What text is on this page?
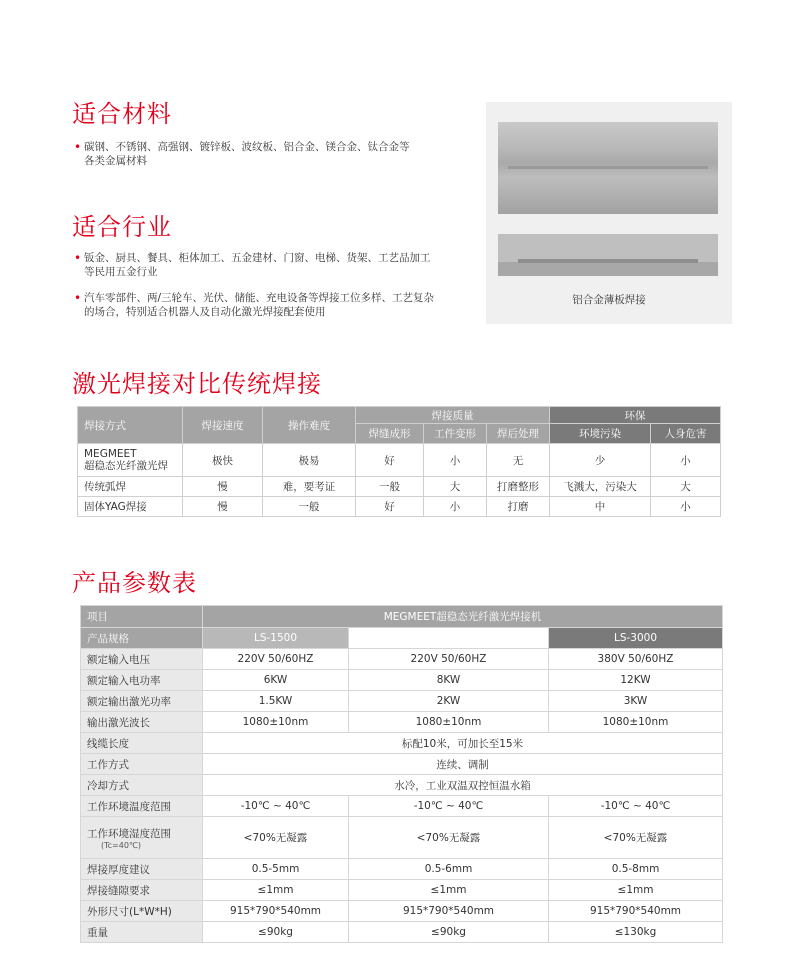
适合材料
• 碳钢、不锈钢、高强钢、镀锌板、波纹板、铝合金、镁合金、钛合金等
各类金属材料
适合行业
• 钣金、厨具、餐具、柜体加工、五金建材、门窗、电梯、货架、工艺品加工
等民用五金行业
• 汽车零部件、两/三轮车、光伏、储能、充电设备等焊接工位多样、工艺复杂
的场合，特别适合机器人及自动化激光焊接配套使用
铝合金薄板焊接
激光焊接对比传统焊接
焊接方式	焊接速度	操作难度	焊接质量			环保	
			焊缝成形	工件变形	焊后处理	环境污染	人身危害

MEGMEET
超稳态光纤激光焊	极快	极易	好	小	无	少	小
传统弧焊	慢	难，要考证	一般	大	打磨整形	飞溅大，污染大	大
固体YAG焊接	慢	一般	好	小	打磨	中	小
产品参数表
项目	MEGMEET超稳态光纤激光焊接机		
产品规格	LS-1500		LS-3000

额定输入电压	220V 50/60HZ	220V 50/60HZ	380V 50/60HZ

额定输入电功率	6KW	8KW	12KW

额定输出激光功率	1.5KW	2KW	3KW

输出激光波长	1080±10nm	1080±10nm	1080±10nm

线缆长度	标配10米，可加长至15米		

工作方式	连续、调制		

冷却方式	水冷，工业双温双控恒温水箱		

工作环境温度范围	-10℃ ~ 40℃	-10℃ ~ 40℃	-10℃ ~ 40℃

工作环境湿度范围
(Tc=40℃)	<70%无凝露	<70%无凝露	<70%无凝露

焊接厚度建议	0.5-5mm	0.5-6mm	0.5-8mm

焊接缝隙要求	≤1mm	≤1mm	≤1mm

外形尺寸(L*W*H)	915*790*540mm	915*790*540mm	915*790*540mm

重量	≤90kg	≤90kg	≤130kg
